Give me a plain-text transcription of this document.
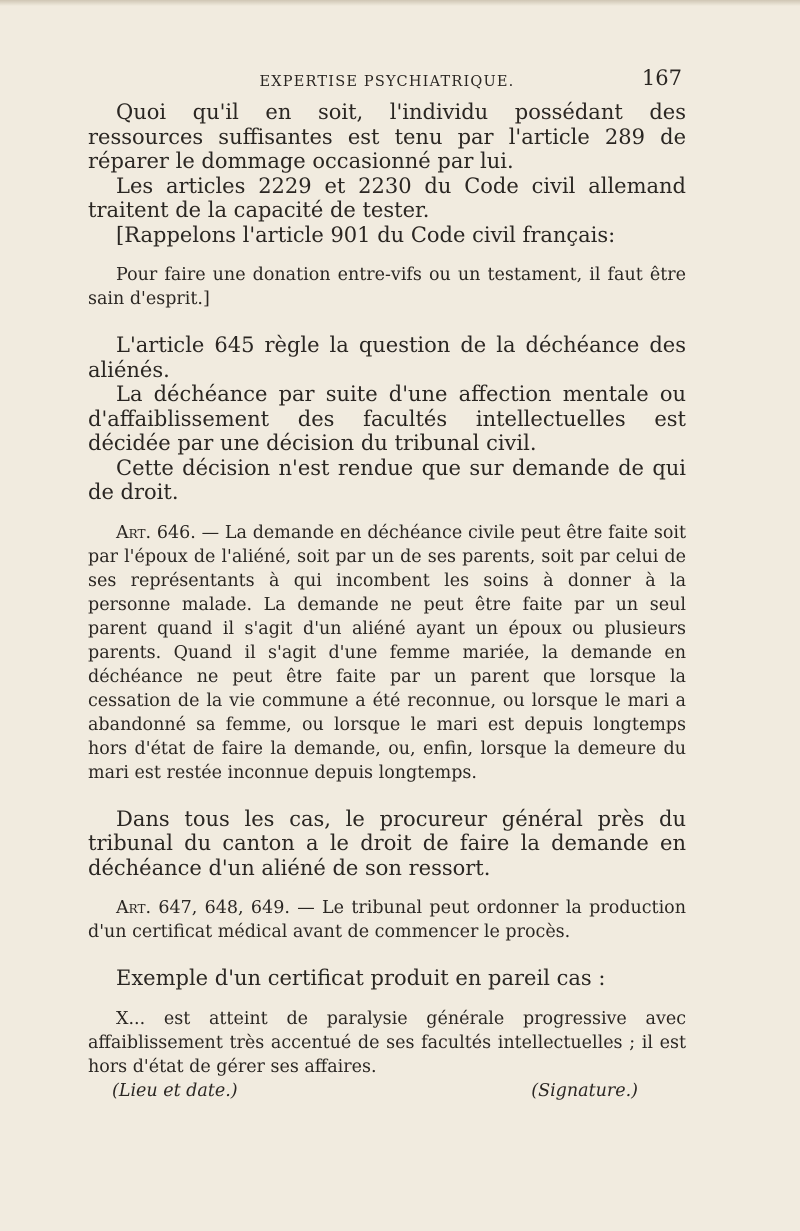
EXPERTISE PSYCHIATRIQUE.	167

Quoi qu'il en soit, l'individu possédant des ressources suffisantes est tenu par l'article 289 de réparer le dommage occasionné par lui.

Les articles 2229 et 2230 du Code civil allemand traitent de la capacité de tester.

[Rappelons l'article 901 du Code civil français:

Pour faire une donation entre-vifs ou un testament, il faut être sain d'esprit.]

L'article 645 règle la question de la déchéance des aliénés.

La déchéance par suite d'une affection mentale ou d'affaiblissement des facultés intellectuelles est décidée par une décision du tribunal civil.

Cette décision n'est rendue que sur demande de qui de droit.

Art. 646. — La demande en déchéance civile peut être faite soit par l'époux de l'aliéné, soit par un de ses parents, soit par celui de ses représentants à qui incombent les soins à donner à la personne malade. La demande ne peut être faite par un seul parent quand il s'agit d'un aliéné ayant un époux ou plusieurs parents. Quand il s'agit d'une femme mariée, la demande en déchéance ne peut être faite par un parent que lorsque la cessation de la vie commune a été reconnue, ou lorsque le mari a abandonné sa femme, ou lorsque le mari est depuis longtemps hors d'état de faire la demande, ou, enfin, lorsque la demeure du mari est restée inconnue depuis longtemps.

Dans tous les cas, le procureur général près du tribunal du canton a le droit de faire la demande en déchéance d'un aliéné de son ressort.

Art. 647, 648, 649. — Le tribunal peut ordonner la production d'un certificat médical avant de commencer le procès.

Exemple d'un certificat produit en pareil cas :

X... est atteint de paralysie générale progressive avec affaiblissement très accentué de ses facultés intellectuelles ; il est hors d'état de gérer ses affaires.

(Lieu et date.)	(Signature.)
